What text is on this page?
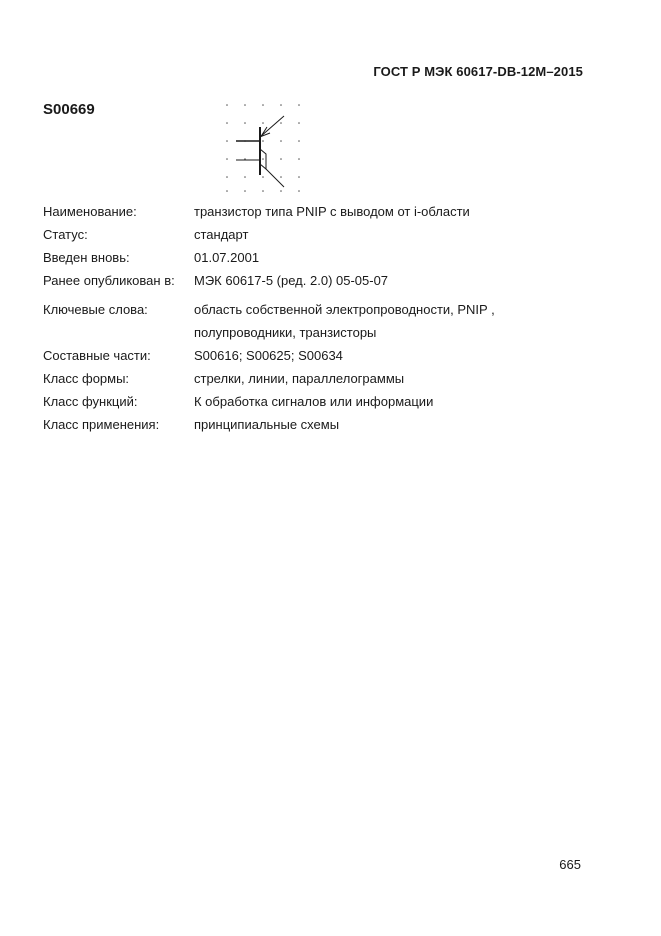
ГОСТ Р МЭК 60617-DB-12M–2015
S00669
Наименование:	транзистор типа PNIP с выводом от i-области
Статус:	стандарт
Введен вновь:	01.07.2001
Ранее опубликован в:	МЭК 60617-5 (ред. 2.0) 05-05-07
Ключевые слова:	область собственной электропроводности, PNIP ,
полупроводники, транзисторы
Составные части:	S00616; S00625; S00634
Класс формы:	стрелки, линии, параллелограммы
Класс функций:	К обработка сигналов или информации
Класс применения:	принципиальные схемы
665
